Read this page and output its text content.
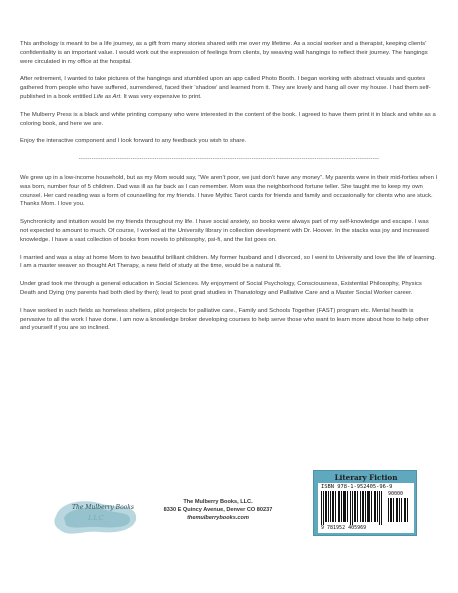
This anthology is meant to be a life journey, as a gift from many stories shared with me over my lifetime. As a social worker and a therapist, keeping clients’ confidentiality is an important value. I would work out the expression of feelings from clients, by weaving wall hangings to reflect their journey. The hangings were circulated in my office at the hospital.

After retirement, I wanted to take pictures of the hangings and stumbled upon an app called Photo Booth. I began working with abstract visuals and quotes gathered from people who have suffered, surrendered, faced their ‘shadow’ and learned from it. They are lovely and hang all over my house. I had them self-published in a book entitled Life as Art. It was very expensive to print.

The Mulberry Press is a black and white printing company who were interested in the content of the book. I agreed to have them print it in black and white as a coloring book, and here we are.

Enjoy the interactive component and I look forward to any feedback you wish to share.

-------------------------------------------------------------------------------------------------------------------------------------------

We grew up in a low-income household, but as my Mom would say, “We aren’t poor, we just don’t have any money”. My parents were in their mid-forties when I was born, number four of 5 children. Dad was ill as far back as I can remember. Mom was the neighborhood fortune teller. She taught me to keep my own counsel. Her card reading was a form of counselling for my friends. I have Mythic Tarot cards for friends and family and occasionally for clients who are stuck. Thanks Mom. I love you.

Synchronicity and intuition would be my friends throughout my life. I have social anxiety, so books were always part of my self-knowledge and escape. I was not expected to amount to much. Of course, I worked at the University library in collection development with Dr. Hoover. In the stacks was joy and increased knowledge. I have a vast collection of books from novels to philosophy, psi-fi, and the list goes on.

I married and was a stay at home Mom to two beautiful brilliant children. My former husband and I divorced, so I went to University and love the life of learning. I am a master weaver so thought Art Therapy, a new field of study at the time, would be a natural fit.

Under grad took me through a general education in Social Sciences. My enjoyment of Social Psychology, Consciousness, Existential Philosophy, Physics Death and Dying (my parents had both died by then); lead to post grad studies in Thanatology and Palliative Care and a Master Social Worker career.

I have worked in such fields as homeless shelters, pilot projects for palliative care., Family and Schools Together (FAST) program etc. Mental health is pervasive to all the work I have done. I am now a knowledge broker developing courses to help serve those who want to learn more about how to help other and yourself if you are so inclined.

The Mulberry Books
LLC
The Mulberry Books, LLC.
8330 E Quincy Avenue, Denver CO 80237
themulberrybooks.com
Literary Fiction
ISBN 978-1-952405-96-9
90000
9 781952 405969
